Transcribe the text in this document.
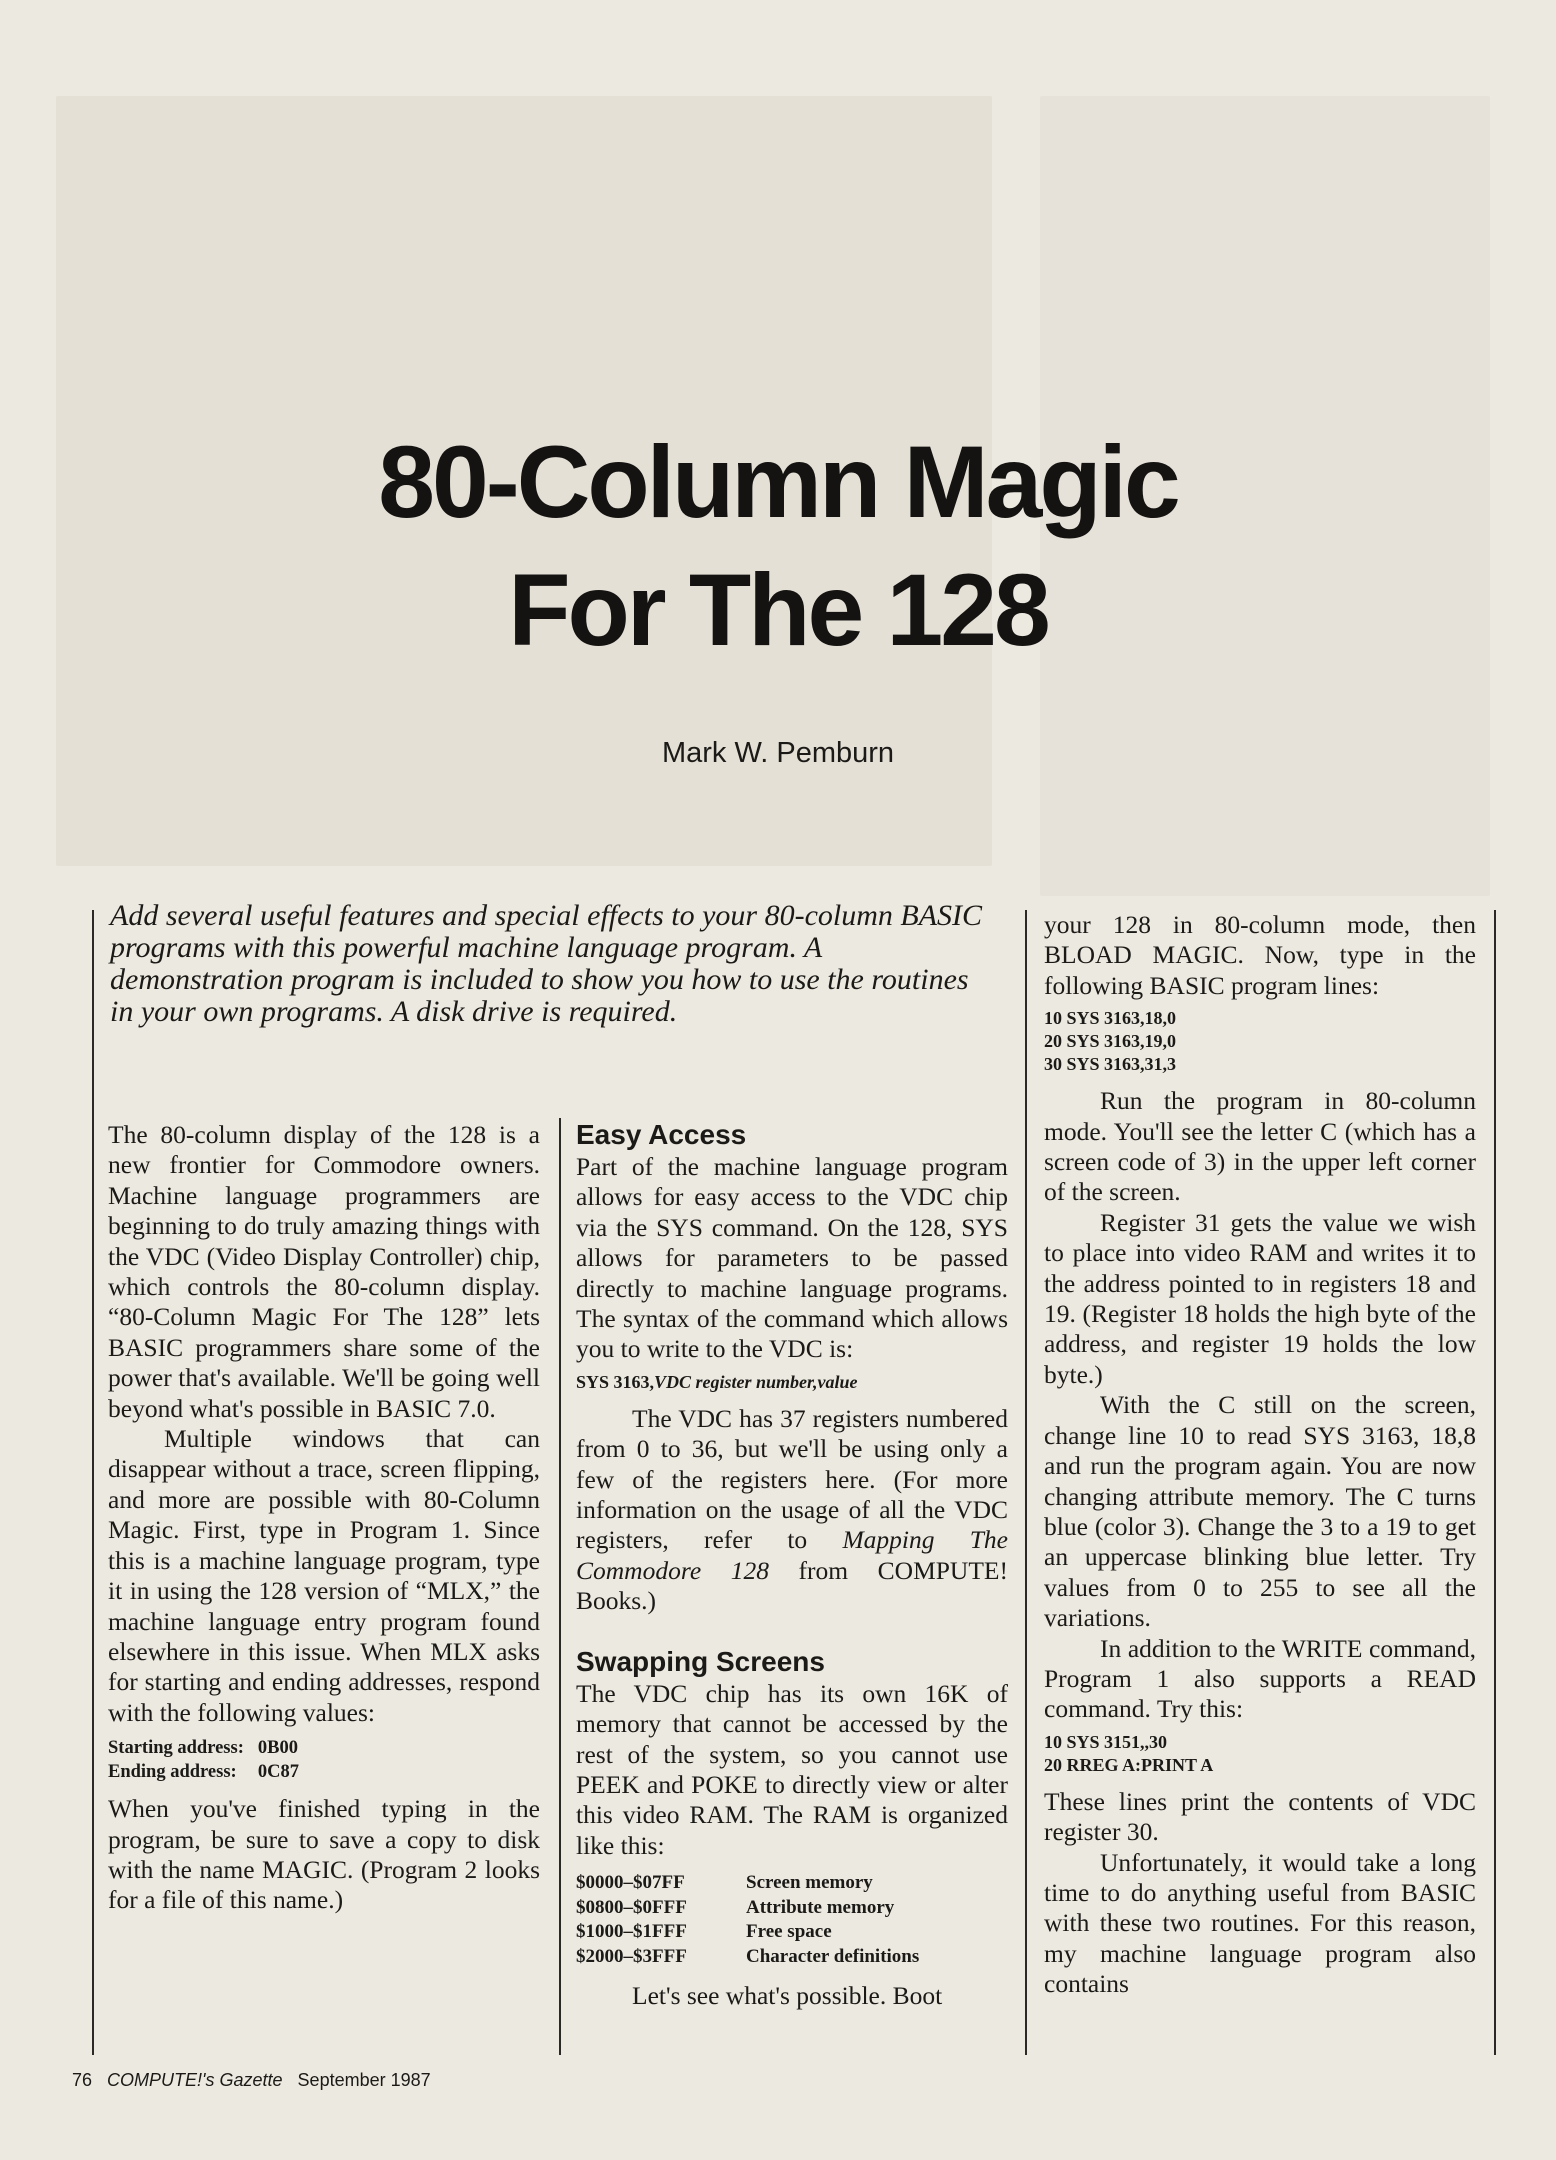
80-Column Magic
For The 128
Mark W. Pemburn
Add several useful features and special effects to your 80-column BASIC programs with this powerful machine language program. A demonstration program is included to show you how to use the routines in your own programs. A disk drive is required.

The 80-column display of the 128 is a new frontier for Commodore owners. Machine language programmers are beginning to do truly amazing things with the VDC (Video Display Controller) chip, which controls the 80-column display. “80-Column Magic For The 128” lets BASIC programmers share some of the power that's available. We'll be going well beyond what's possible in BASIC 7.0.

Multiple windows that can disappear without a trace, screen flipping, and more are possible with 80-Column Magic. First, type in Program 1. Since this is a machine language program, type it in using the 128 version of “MLX,” the machine language entry program found elsewhere in this issue. When MLX asks for starting and ending addresses, respond with the following values:

Starting address:	0B00
Ending address:	0C87

When you've finished typing in the program, be sure to save a copy to disk with the name MAGIC. (Program 2 looks for a file of this name.)

Easy Access

Part of the machine language program allows for easy access to the VDC chip via the SYS command. On the 128, SYS allows for parameters to be passed directly to machine language programs. The syntax of the command which allows you to write to the VDC is:

SYS 3163,VDC register number,value

The VDC has 37 registers numbered from 0 to 36, but we'll be using only a few of the registers here. (For more information on the usage of all the VDC registers, refer to Mapping The Commodore 128 from COMPUTE! Books.)

Swapping Screens

The VDC chip has its own 16K of memory that cannot be accessed by the rest of the system, so you cannot use PEEK and POKE to directly view or alter this video RAM. The RAM is organized like this:

$0000–$07FF	Screen memory
$0800–$0FFF	Attribute memory
$1000–$1FFF	Free space
$2000–$3FFF	Character definitions

Let's see what's possible. Boot

your 128 in 80-column mode, then BLOAD MAGIC. Now, type in the following BASIC program lines:

10 SYS 3163,18,0
20 SYS 3163,19,0
30 SYS 3163,31,3

Run the program in 80-column mode. You'll see the letter C (which has a screen code of 3) in the upper left corner of the screen.

Register 31 gets the value we wish to place into video RAM and writes it to the address pointed to in registers 18 and 19. (Register 18 holds the high byte of the address, and register 19 holds the low byte.)

With the C still on the screen, change line 10 to read SYS 3163, 18,8 and run the program again. You are now changing attribute memory. The C turns blue (color 3). Change the 3 to a 19 to get an uppercase blinking blue letter. Try values from 0 to 255 to see all the variations.

In addition to the WRITE command, Program 1 also supports a READ command. Try this:

10 SYS 3151,,30
20 RREG A:PRINT A

These lines print the contents of VDC register 30.

Unfortunately, it would take a long time to do anything useful from BASIC with these two routines. For this reason, my machine language program also contains

76 COMPUTE!'s Gazette September 1987
